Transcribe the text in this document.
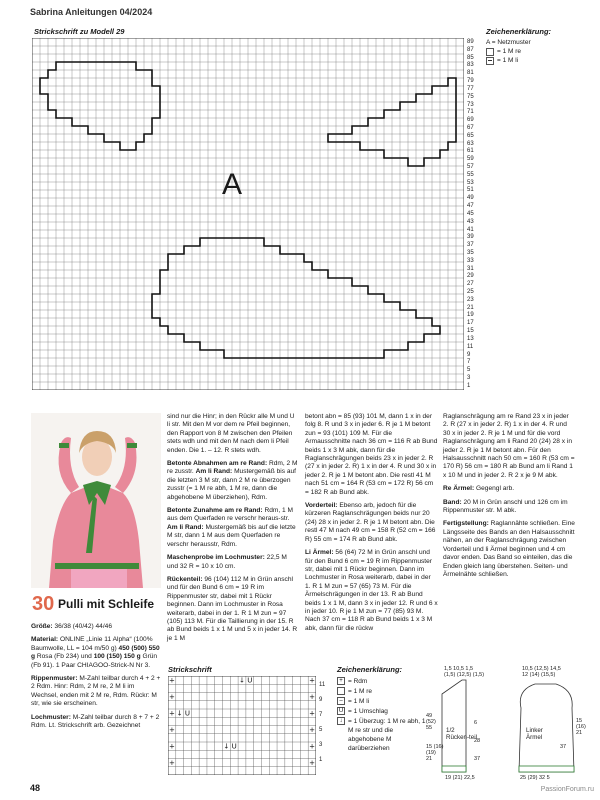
Sabrina Anleitungen 04/2024
Strickschrift zu Modell 29
89
87
85
83
81
79
77
75
73
71
69
67
65
63
61
59
57
55
53
51
49
47
45
43
41
39
37
35
33
31
29
27
25
23
21
19
17
15
13
11
9
7
5
3
1
A
Zeichenerklärung:
A = Netzmuster
= 1 M re
= 1 M li
30 Pulli mit Schleife

Größe: 36/38 (40/42) 44/46

Material: ONLINE „Linie 11 Alpha“ (100% Baumwolle, LL = 104 m/50 g) 450 (500) 550 g Rosa (Fb 234) und 100 (150) 150 g Grün (Fb 91). 1 Paar CHIAGOO-Strick-N Nr 3.

Rippenmuster: M-Zahl teilbar durch 4 + 2 + 2 Rdm. Hinr: Rdm, 2 M re, 2 M li im Wechsel, enden mit 2 M re, Rdm. Rückr: M str, wie sie erscheinen.

Lochmuster: M-Zahl teilbar durch 8 + 7 + 2 Rdm. Lt. Strickschrift arb. Gezeichnet

sind nur die Hinr; in den Rückr alle M und U li str. Mit den M vor dem re Pfeil beginnen, den Rapport von 8 M zwischen den Pfeilen stets wdh und mit den M nach dem li Pfeil enden. Die 1. – 12. R stets wdh.

Betonte Abnahmen am re Rand: Rdm, 2 M re zusstr. Am li Rand: Mustergemäß bis auf die letzten 3 M str, dann 2 M re überzogen zusstr (= 1 M re abh, 1 M re, dann die abgehobene M überziehen), Rdm.

Betonte Zunahme am re Rand: Rdm, 1 M aus dem Querfaden re verschr heraus-str. Am li Rand: Mustergemäß bis auf die letzte M str, dann 1 M aus dem Querfaden re verschr herausstr, Rdm.

Maschenprobe im Lochmuster: 22,5 M und 32 R = 10 x 10 cm.

Rückenteil: 96 (104) 112 M in Grün anschl und für den Bund 6 cm = 19 R im Rippenmuster str, dabei mit 1 Rückr beginnen. Dann im Lochmuster in Rosa weiterarb, dabei in der 1. R 1 M zun = 97 (105) 113 M. Für die Taillierung in der 15. R ab Bund beids 1 x 1 M und 5 x in jeder 14. R je 1 M

betont abn = 85 (93) 101 M, dann 1 x in der folg 8. R und 3 x in jeder 6. R je 1 M betont zun = 93 (101) 109 M. Für die Armausschnitte nach 36 cm = 116 R ab Bund beids 1 x 3 M abk, dann für die Raglanschrägungen beids 23 x in jeder 2. R (27 x in jeder 2. R) 1 x in der 4. R und 30 x in jeder 2. R je 1 M betont abn. Die restl 41 M nach 51 cm = 164 R (53 cm = 172 R) 56 cm = 182 R ab Bund abk.

Vorderteil: Ebenso arb, jedoch für die kürzeren Raglanschrägungen beids nur 20 (24) 28 x in jeder 2. R je 1 M betont abn. Die restl 47 M nach 49 cm = 158 R (52 cm = 166 R) 55 cm = 174 R ab Bund abk.

Li Ärmel: 56 (64) 72 M in Grün anschl und für den Bund 6 cm = 19 R im Rippenmuster str, dabei mit 1 Rückr beginnen. Dann im Lochmuster in Rosa weiterarb, dabei in der 1. R 1 M zun = 57 (65) 73 M. Für die Ärmelschrägungen in der 13. R ab Bund beids 1 x 1 M, dann 3 x in jeder 12. R und 6 x in jeder 10. R je 1 M zun = 77 (85) 93 M. Nach 37 cm = 118 R ab Bund beids 1 x 3 M abk, dann für die rückw

Raglanschrägung am re Rand 23 x in jeder 2. R (27 x in jeder 2. R) 1 x in der 4. R und 30 x in jeder 2. R je 1 M und für die vord Raglanschrägung am li Rand 20 (24) 28 x in jeder 2. R je 1 M betont abn. Für den Halsausschnitt nach 50 cm = 160 R (53 cm = 170 R) 56 cm = 180 R ab Bund am li Rand 1 x 10 M und in jeder 2. R 2 x je 9 M abk.

Re Ärmel: Gegengl arb.

Band: 20 M in Grün anschl und 126 cm im Rippenmuster str. M abk.

Fertigstellung: Raglannähte schließen. Eine Längsseite des Bands an den Halsausschnitt nähen, an der Raglanschrägung zwischen Vorderteil und li Ärmel beginnen und 4 cm davor enden. Das Band so einteilen, das die Enden gleich lang überstehen. Seiten- und Ärmelnähte schließen.

Strickschrift
+	+
+	+
+	+
+	+
+	+
+	+
↓ U
↓ U
↓ U
11
9
7
5
3
1
Zeichenerklärung:
+ = Rdm
= 1 M re
– = 1 M li
U = 1 Umschlag
↓ = 1 Überzug: 1 M re abh, 1 M re str und die abgehobene M darüberziehen
1,5 10,5 1,5
(1,5) (12,5) (1,5)
6
28
37
49
(52)
55
15 (16)
(19)
21
19 (21) 22,5
10,5 (12,5) 14,5
12 (14) (15,5)
15
(16)
21
37
25 (29) 32 5
1/2
Rücken-teil
Linker
Ärmel
48	PassionForum.ru
